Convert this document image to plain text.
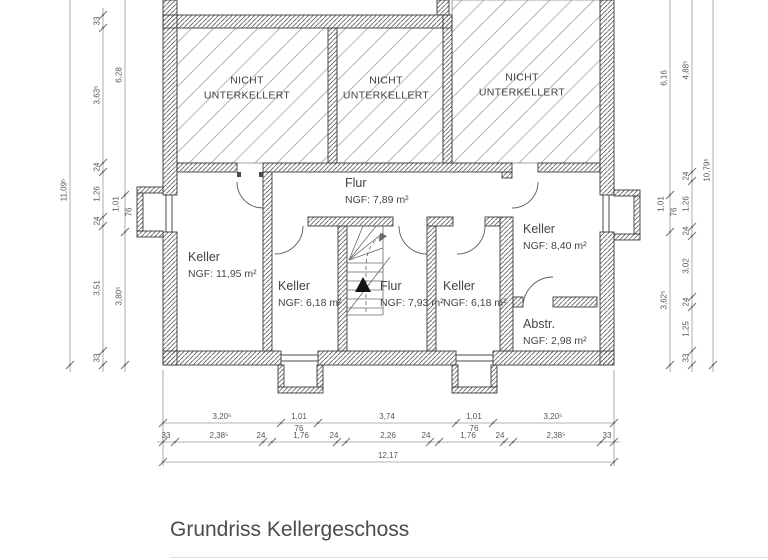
Flur
NGF: 7,89 m²
Keller
NGF: 11,95 m²
Keller
NGF: 6,18 m²
Flur
NGF: 7,93 m²
Keller
NGF: 6,18 m²
Keller
NGF: 8,40 m²
Abstr.
NGF: 2,98 m²
NICHT UNTERKELLERT
NICHT UNTERKELLERT
NICHT UNTERKELLERT
11,09⁵
33
3,63⁵
24
1,26
24
3,51
33
6,28
1,01
76
3,80⁵
6,16
1,01
76
3,62⁵
4,88⁵
24
1,26
24
3,02
24
1,25
33
10,79⁵
3,20⁵	1,01
76
3,74	1,01
76
3,20⁵
33	2,38⁵	24	1,76	24	2,26	24	1,76 24	2,38⁵	33
12,17
Grundriss Kellergeschoss
